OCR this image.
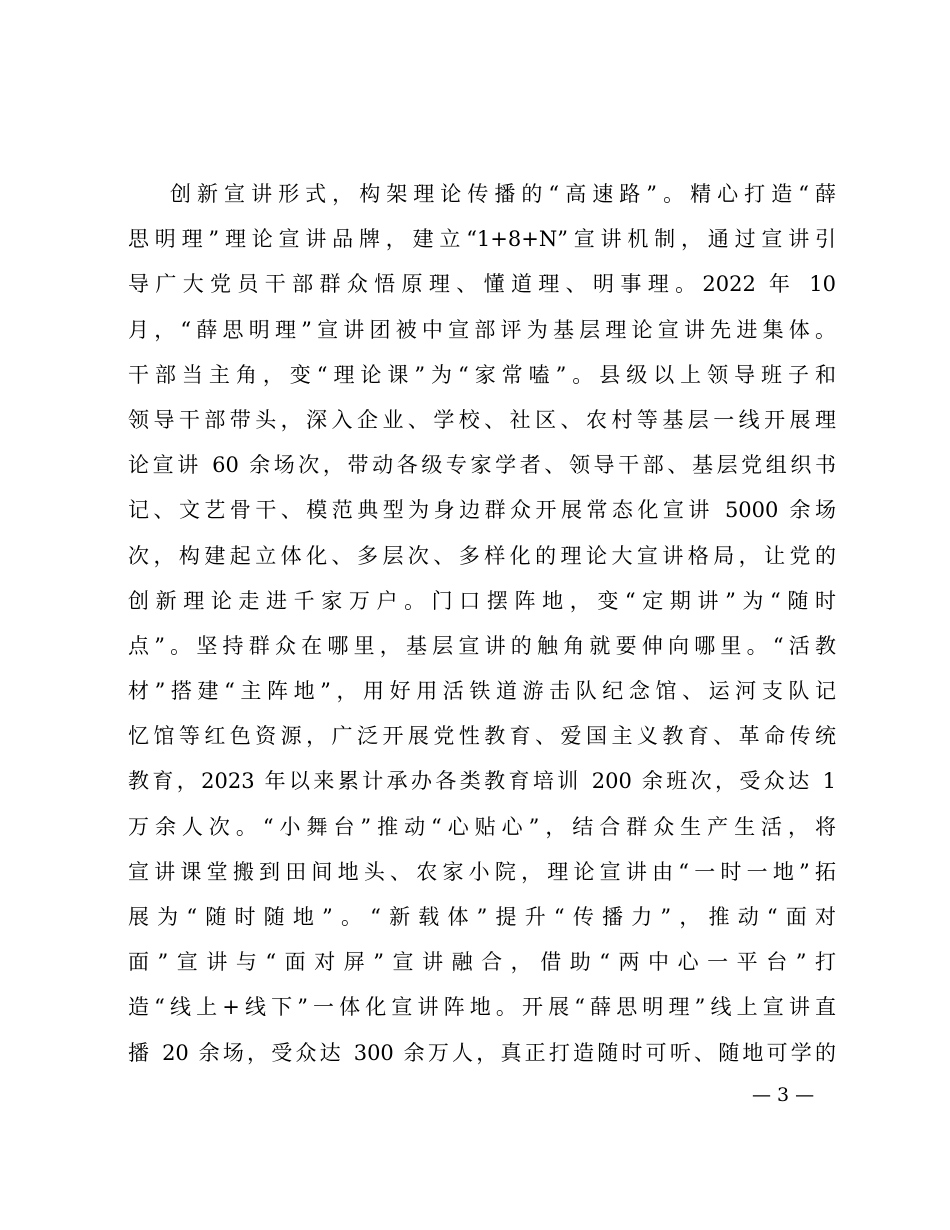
创新宣讲形式，构架理论传播的“高速路”。精心打造“薛
思明理”理论宣讲品牌，建立“1+8+N”宣讲机制，通过宣讲引
导广大党员干部群众悟原理、懂道理、明事理。2022 年 10
月，“薛思明理”宣讲团被中宣部评为基层理论宣讲先进集体。
干部当主角，变“理论课”为“家常嗑”。县级以上领导班子和
领导干部带头，深入企业、学校、社区、农村等基层一线开展理
论宣讲 60 余场次，带动各级专家学者、领导干部、基层党组织书
记、文艺骨干、模范典型为身边群众开展常态化宣讲 5000 余场
次，构建起立体化、多层次、多样化的理论大宣讲格局，让党的
创新理论走进千家万户。门口摆阵地，变“定期讲”为“随时
点”。坚持群众在哪里，基层宣讲的触角就要伸向哪里。“活教
材”搭建“主阵地”，用好用活铁道游击队纪念馆、运河支队记
忆馆等红色资源，广泛开展党性教育、爱国主义教育、革命传统
教育，2023 年以来累计承办各类教育培训 200 余班次，受众达 1
万余人次。“小舞台”推动“心贴心”，结合群众生产生活，将
宣讲课堂搬到田间地头、农家小院，理论宣讲由“一时一地”拓
展为“随时随地”。“新载体”提升“传播力”，推动“面对
面”宣讲与“面对屏”宣讲融合，借助“两中心一平台”打
造“线上+线下”一体化宣讲阵地。开展“薛思明理”线上宣讲直
播 20 余场，受众达 300 余万人，真正打造随时可听、随地可学的
— 3 —
